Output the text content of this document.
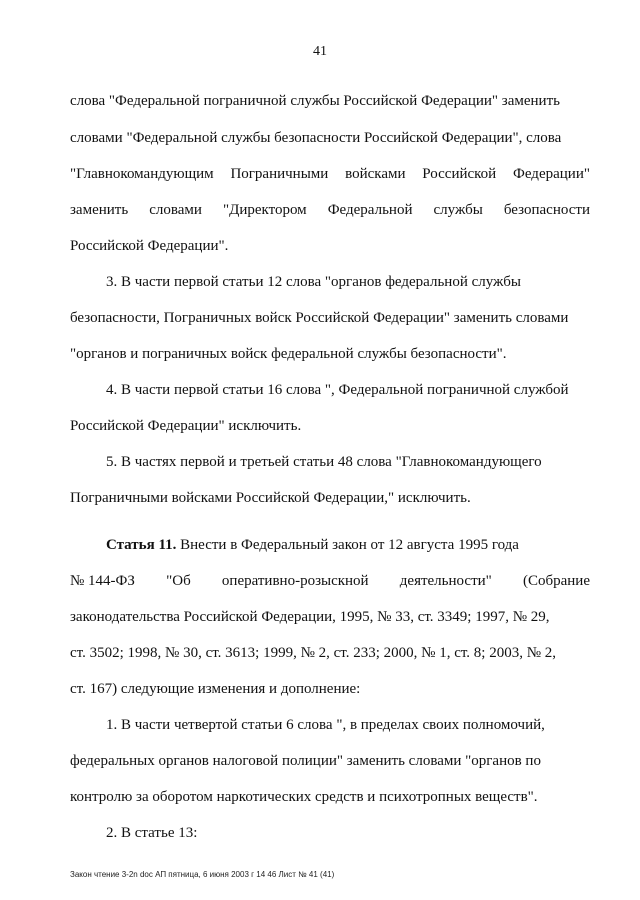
41
слова "Федеральной пограничной службы Российской Федерации" заменить
словами "Федеральной службы безопасности Российской Федерации", слова
"Главнокомандующим Пограничными войсками Российской Федерации"
заменить словами "Директором Федеральной службы безопасности
Российской Федерации".
3. В части первой статьи 12 слова "органов федеральной службы
безопасности, Пограничных войск Российской Федерации" заменить словами
"органов и пограничных войск федеральной службы безопасности".
4. В части первой статьи 16 слова ", Федеральной пограничной службой
Российской Федерации" исключить.
5. В частях первой и третьей статьи 48 слова "Главнокомандующего
Пограничными войсками Российской Федерации," исключить.
Статья 11. Внести в Федеральный закон от 12 августа 1995 года
№ 144-ФЗ "Об оперативно-розыскной деятельности" (Собрание
законодательства Российской Федерации, 1995, № 33, ст. 3349; 1997, № 29,
ст. 3502; 1998, № 30, ст. 3613; 1999, № 2, ст. 233; 2000, № 1, ст. 8; 2003, № 2,
ст. 167) следующие изменения и дополнение:
1. В части четвертой статьи 6 слова ", в пределах своих полномочий,
федеральных органов налоговой полиции" заменить словами "органов по
контролю за оборотом наркотических средств и психотропных веществ".
2. В статье 13:
Закон чтение 3-2n doc АП пятница, 6 июня 2003 г 14 46 Лист № 41 (41)
